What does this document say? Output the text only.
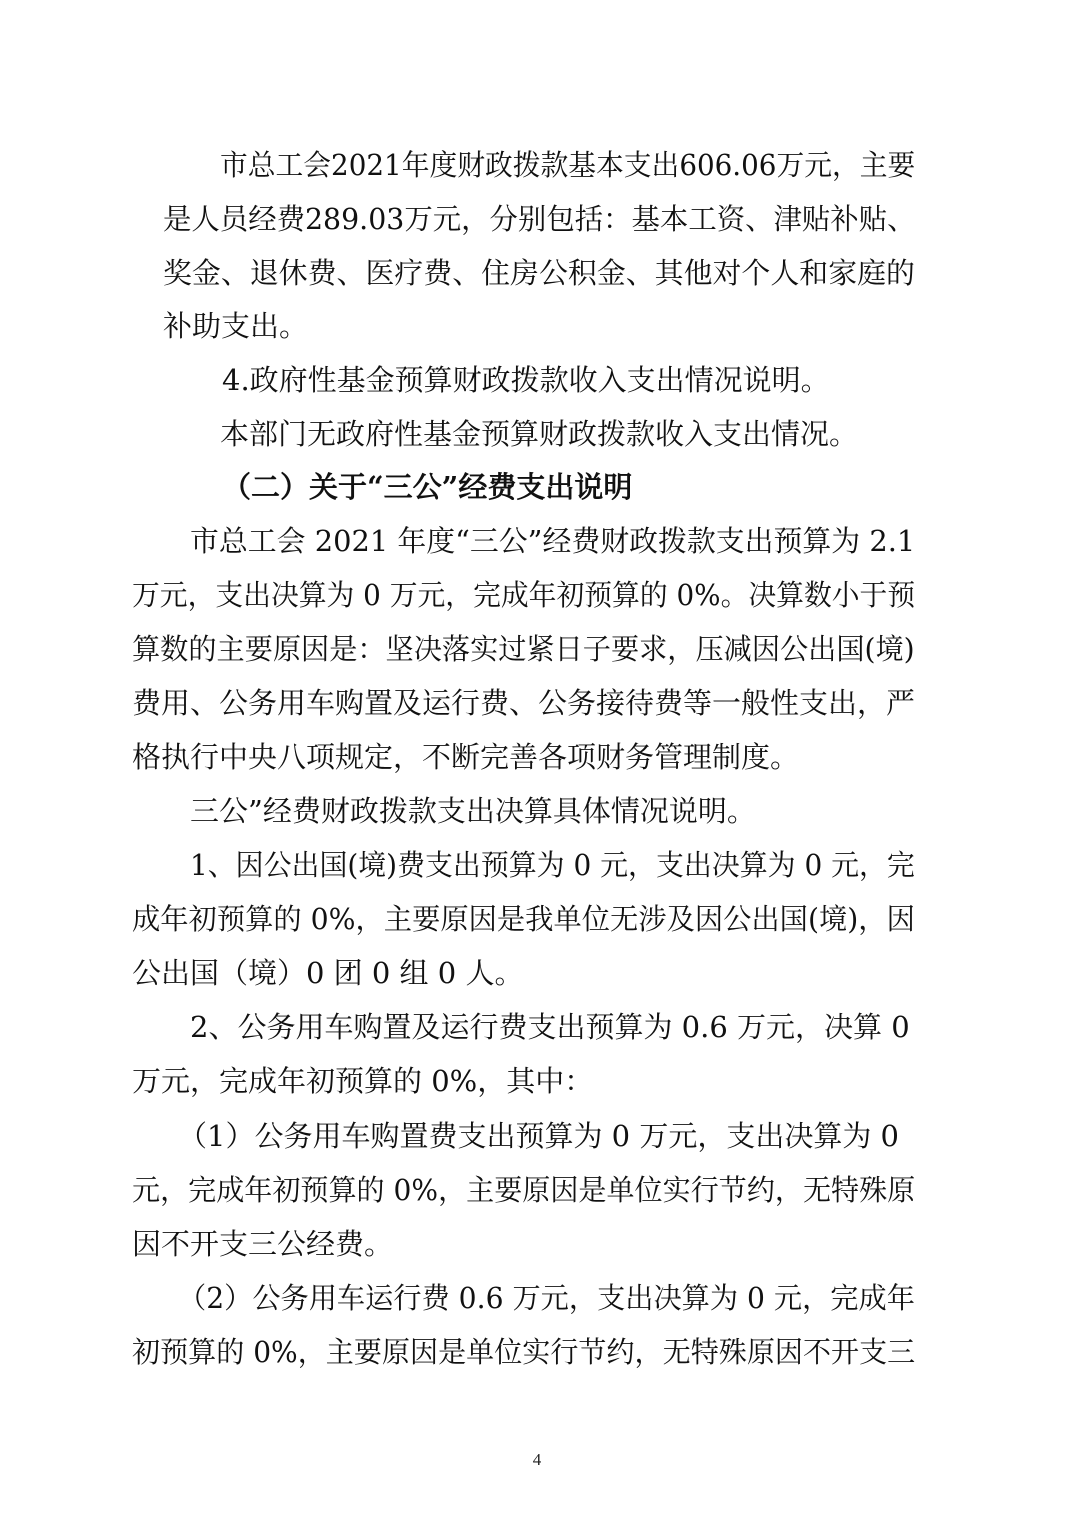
市总工会2021年度财政拨款基本支出606.06万元，主要

是人员经费289.03万元，分别包括：基本工资、津贴补贴、

奖金、退休费、医疗费、住房公积金、其他对个人和家庭的

补助支出。

4.政府性基金预算财政拨款收入支出情况说明。

本部门无政府性基金预算财政拨款收入支出情况。

（二）关于“三公”经费支出说明

市总工会 2021 年度“三公”经费财政拨款支出预算为 2.1

万元，支出决算为 0 万元，完成年初预算的 0%。决算数小于预

算数的主要原因是：坚决落实过紧日子要求，压减因公出国(境)

费用、公务用车购置及运行费、公务接待费等一般性支出，严

格执行中央八项规定，不断完善各项财务管理制度。

三公”经费财政拨款支出决算具体情况说明。

1、因公出国(境)费支出预算为 0 元，支出决算为 0 元，完

成年初预算的 0%，主要原因是我单位无涉及因公出国(境)，因

公出国（境）0 团 0 组 0 人。

2、公务用车购置及运行费支出预算为 0.6 万元，决算 0

万元，完成年初预算的 0%，其中：

（1）公务用车购置费支出预算为 0 万元，支出决算为 0

元，完成年初预算的 0%，主要原因是单位实行节约，无特殊原

因不开支三公经费。

（2）公务用车运行费 0.6 万元，支出决算为 0 元，完成年

初预算的 0%，主要原因是单位实行节约，无特殊原因不开支三

4
